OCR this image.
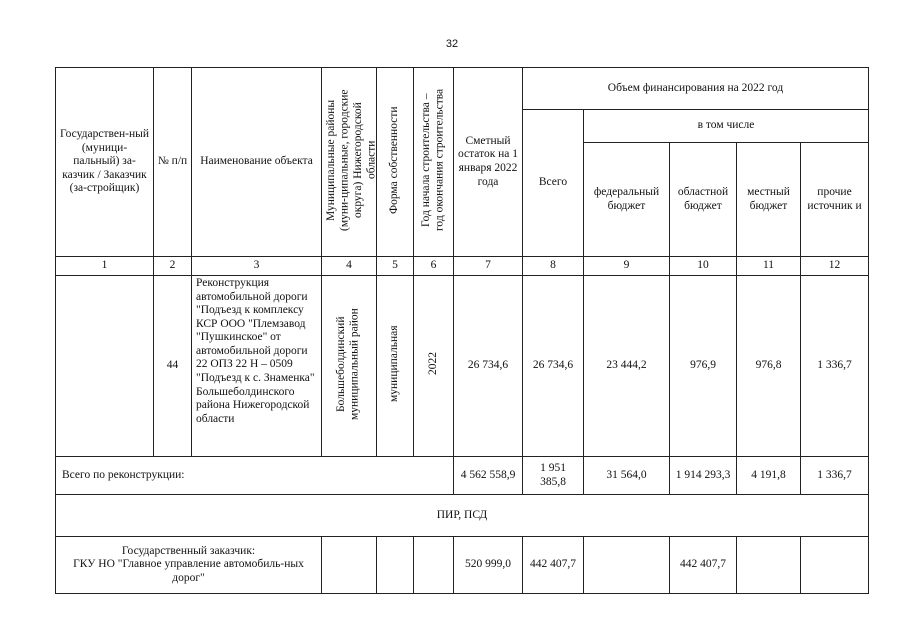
32
Государствен-ный (муници-пальный) за-казчик / Заказчик (за-стройщик)	№ п/п	Наименование объекта	Муниципальные районы (муни-ципальные, городские округа) Нижегородской области	Форма собственности	Год начала строительства – год окончания строительства	Сметный остаток на 1 января 2022 года	Объем финансирования на 2022 год				
							Всего	в том числе			
								федеральный бюджет	областной бюджет	местный бюджет	прочие источник и
1	2	3	4	5	6	7	8	9	10	11	12
	44	Реконструкция автомобильной дороги "Подъезд к комплексу КСР ООО "Племзавод "Пушкинское" от автомобильной дороги 22 ОПЗ 22 Н – 0509 "Подъезд к с. Знаменка" Большеболдинского района Нижегородской области	Большеболдинский муниципальный район	муниципальная	2022	26 734,6	26 734,6	23 444,2	976,9	976,8	1 336,7
Всего по реконструкции:						4 562 558,9	1 951 385,8	31 564,0	1 914 293,3	4 191,8	1 336,7
ПИР, ПСД											

Государственный заказчик:
ГКУ НО "Главное управление автомобиль-ных дорог"						520 999,0	442 407,7		442 407,7		
